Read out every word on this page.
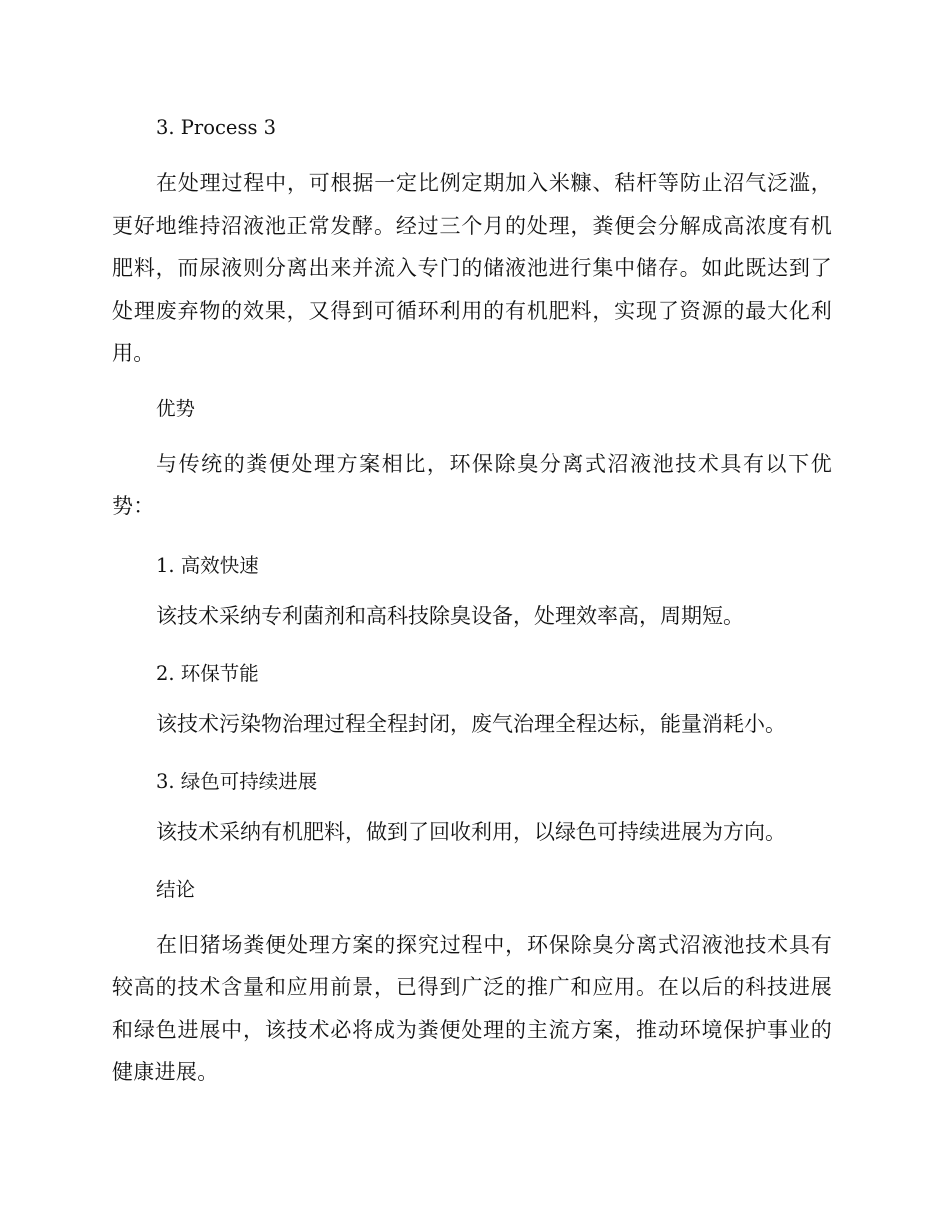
3. Process 3

在处理过程中，可根据一定比例定期加入米糠、秸杆等防止沼气泛滥，更好地维持沼液池正常发酵。经过三个月的处理，粪便会分解成高浓度有机肥料，而尿液则分离出来并流入专门的储液池进行集中储存。如此既达到了处理废弃物的效果，又得到可循环利用的有机肥料，实现了资源的最大化利用。

优势

与传统的粪便处理方案相比，环保除臭分离式沼液池技术具有以下优势：

1. 高效快速

该技术采纳专利菌剂和高科技除臭设备，处理效率高，周期短。

2. 环保节能

该技术污染物治理过程全程封闭，废气治理全程达标，能量消耗小。

3. 绿色可持续进展

该技术采纳有机肥料，做到了回收利用，以绿色可持续进展为方向。

结论

在旧猪场粪便处理方案的探究过程中，环保除臭分离式沼液池技术具有较高的技术含量和应用前景，已得到广泛的推广和应用。在以后的科技进展和绿色进展中，该技术必将成为粪便处理的主流方案，推动环境保护事业的健康进展。
